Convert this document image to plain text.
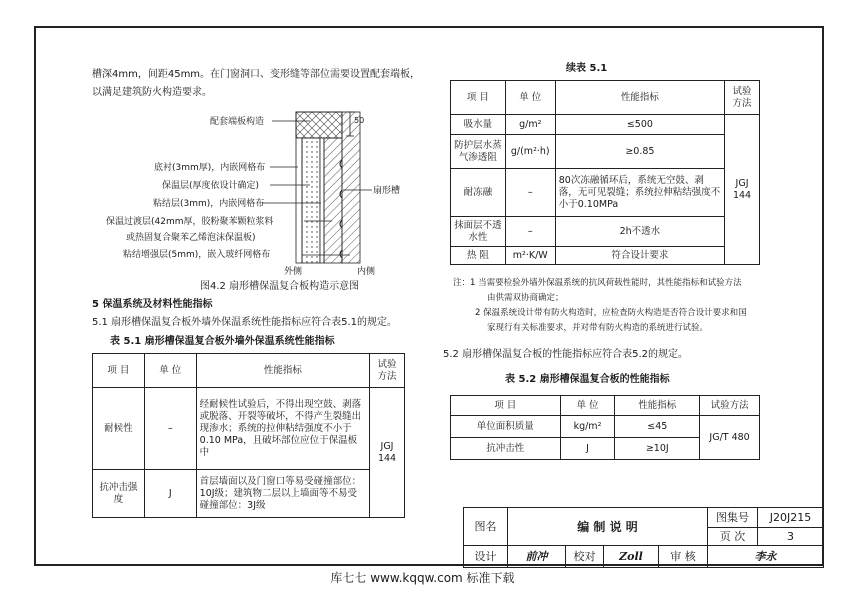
槽深4mm，间距45mm。在门窗洞口、变形缝等部位需要设置配套端板，
以满足建筑防火构造要求。
配套端板构造	50
底衬(3mm厚)，内嵌网格布
保温层(厚度依设计确定)
粘结层(3mm)，内嵌网格布
保温过渡层(42mm厚，胶粉聚苯颗粒浆料
或热固复合聚苯乙烯泡沫保温板)
粘结增强层(5mm)，嵌入玻纤网格布
扇形槽
外侧	内侧
图4.2 扇形槽保温复合板构造示意图
5 保温系统及材料性能指标
5.1 扇形槽保温复合板外墙外保温系统性能指标应符合表5.1的规定。
表 5.1 扇形槽保温复合板外墙外保温系统性能指标
项 目	单 位	性能指标	试验方法
耐候性	–	经耐候性试验后，不得出现空鼓、剥落或脱落、开裂等破坏，不得产生裂缝出现渗水；系统的拉伸粘结强度不小于0.10 MPa，且破坏部位应位于保温板中	JGJ 144
抗冲击强度	J	首层墙面以及门窗口等易受碰撞部位：10J级；建筑物二层以上墙面等不易受碰撞部位：3J级	
续表 5.1
项 目	单 位	性能指标	试验方法
吸水量	g/m²	≤500	JGJ 144
防护层水蒸气渗透阻	g/(m²·h)	≥0.85	
耐冻融	–	80次冻融循环后，系统无空鼓、剥落，无可见裂缝；系统拉伸粘结强度不小于0.10MPa	
抹面层不透水性	–	2h不透水	
热 阻	m²·K/W	符合设计要求	
注：1 当需要检验外墙外保温系统的抗风荷载性能时，其性能指标和试验方法
由供需双协商确定；
2 保温系统设计带有防火构造时，应检查防火构造是否符合设计要求和国
家现行有关标准要求，并对带有防火构造的系统进行试验。
5.2 扇形槽保温复合板的性能指标应符合表5.2的规定。
表 5.2 扇形槽保温复合板的性能指标
项 目	单 位	性能指标	试验方法
单位面积质量	kg/m²	≤45	JG/T 480
抗冲击性	J	≥10J	
图名	编 制 说 明				图集号	J20J215
					页 次	3
设计	前冲	校对	Zoll	审 核	李永	
库七七 www.kqqw.com 标准下载
